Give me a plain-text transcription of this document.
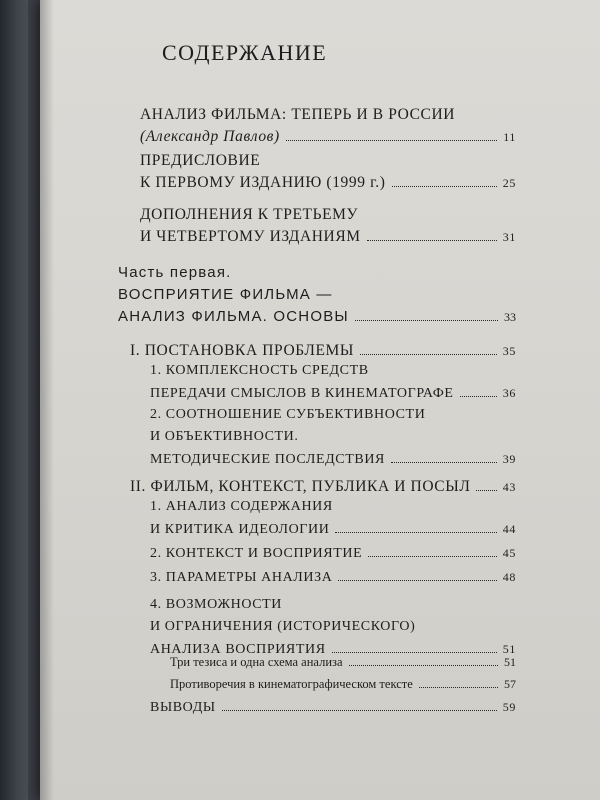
СОДЕРЖАНИЕ
АНАЛИЗ ФИЛЬМА: ТЕПЕРЬ И В РОССИИ
(Александр Павлов)	11
ПРЕДИСЛОВИЕ
К ПЕРВОМУ ИЗДАНИЮ (1999 г.)	25
ДОПОЛНЕНИЯ К ТРЕТЬЕМУ
И ЧЕТВЕРТОМУ ИЗДАНИЯМ	31
Часть первая.
ВОСПРИЯТИЕ ФИЛЬМА —
АНАЛИЗ ФИЛЬМА. ОСНОВЫ	33
I. ПОСТАНОВКА ПРОБЛЕМЫ	35
1. КОМПЛЕКСНОСТЬ СРЕДСТВ
ПЕРЕДАЧИ СМЫСЛОВ В КИНЕМАТОГРАФЕ	36
2. СООТНОШЕНИЕ СУБЪЕКТИВНОСТИ
И ОБЪЕКТИВНОСТИ.
МЕТОДИЧЕСКИЕ ПОСЛЕДСТВИЯ	39
II. ФИЛЬМ, КОНТЕКСТ, ПУБЛИКА И ПОСЫЛ	43
1. АНАЛИЗ СОДЕРЖАНИЯ
И КРИТИКА ИДЕОЛОГИИ	44
2. КОНТЕКСТ И ВОСПРИЯТИЕ	45
3. ПАРАМЕТРЫ АНАЛИЗА	48
4. ВОЗМОЖНОСТИ
И ОГРАНИЧЕНИЯ (ИСТОРИЧЕСКОГО)
АНАЛИЗА ВОСПРИЯТИЯ	51
Три тезиса и одна схема анализа	51
Противоречия в кинематографическом тексте	57
ВЫВОДЫ	59
